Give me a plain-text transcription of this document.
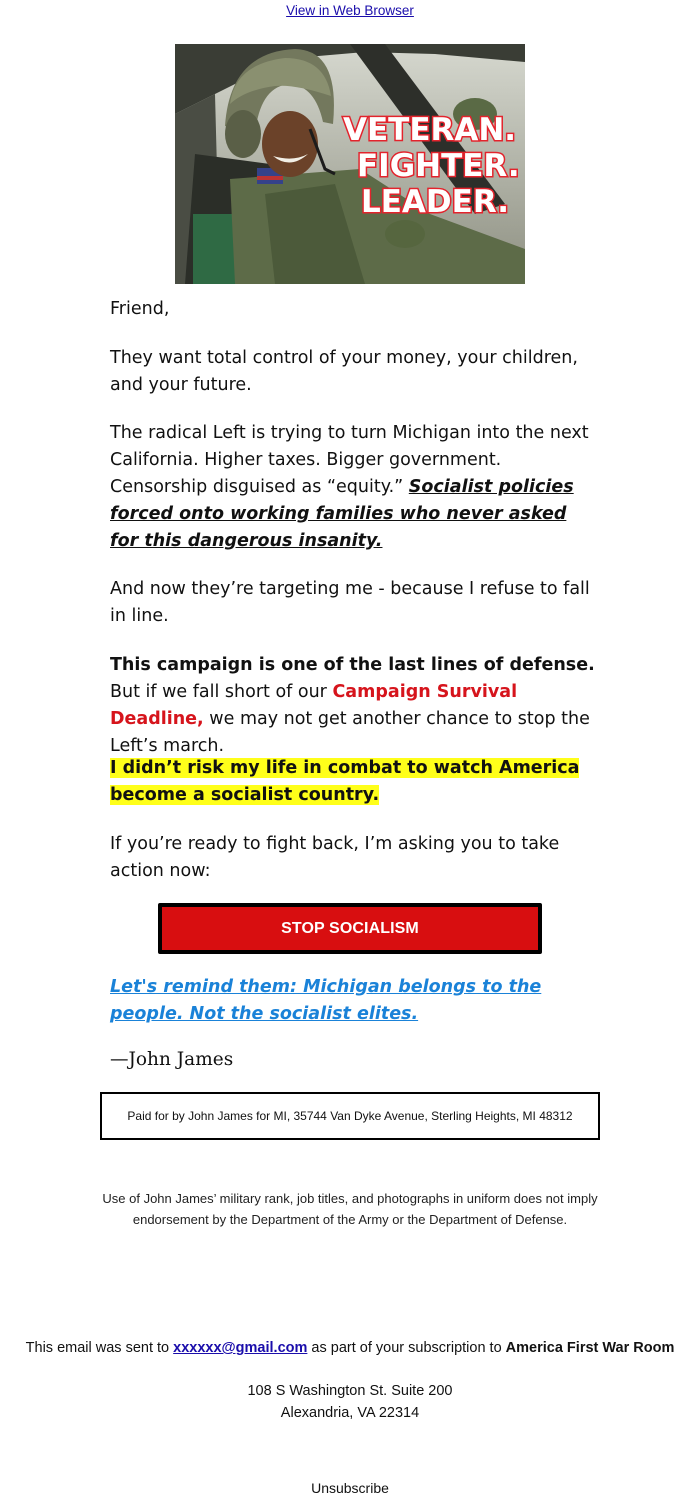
View in Web Browser
VETERAN.
FIGHTER.
LEADER.

Friend,

They want total control of your money, your children, and your future.

The radical Left is trying to turn Michigan into the next California. Higher taxes. Bigger government. Censorship disguised as “equity.” Socialist policies forced onto working families who never asked for this dangerous insanity.

And now they’re targeting me - because I refuse to fall in line.

This campaign is one of the last lines of defense. But if we fall short of our Campaign Survival Deadline, we may not get another chance to stop the Left’s march.

I didn’t risk my life in combat to watch America become a socialist country.

If you’re ready to fight back, I’m asking you to take action now:

STOP SOCIALISM
Let's remind them: Michigan belongs to the people. Not the socialist elites.
—John James
Paid for by John James for MI, 35744 Van Dyke Avenue, Sterling Heights, MI 48312
Use of John James’ military rank, job titles, and photographs in uniform does not imply endorsement by the Department of the Army or the Department of Defense.
This email was sent to xxxxxx@gmail.com as part of your subscription to America First War Room
108 S Washington St. Suite 200
Alexandria, VA 22314
Unsubscribe
